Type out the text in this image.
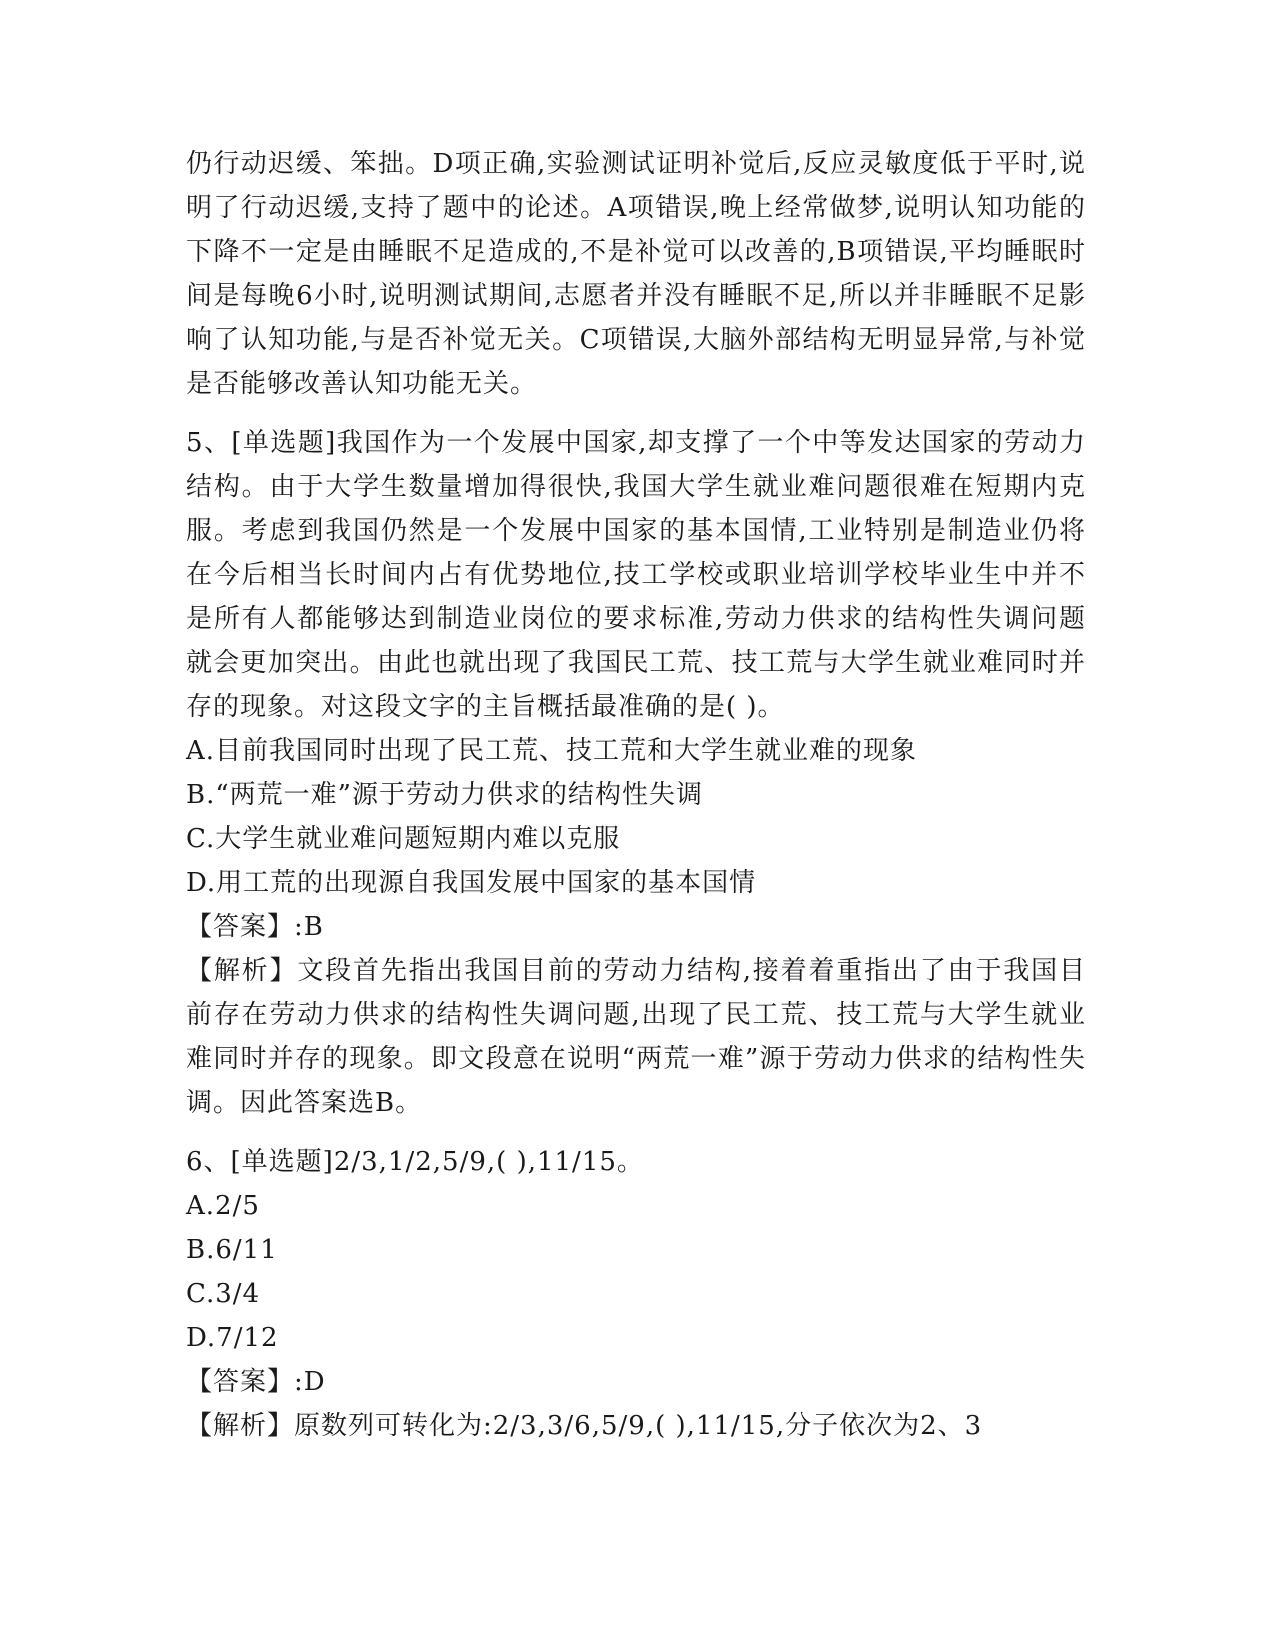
仍行动迟缓、笨拙。D项正确,实验测试证明补觉后,反应灵敏度低于平时,说明了行动迟缓,支持了题中的论述。A项错误,晚上经常做梦,说明认知功能的下降不一定是由睡眠不足造成的,不是补觉可以改善的,B项错误,平均睡眠时间是每晚6小时,说明测试期间,志愿者并没有睡眠不足,所以并非睡眠不足影响了认知功能,与是否补觉无关。C项错误,大脑外部结构无明显异常,与补觉是否能够改善认知功能无关。

5、[单选题]我国作为一个发展中国家,却支撑了一个中等发达国家的劳动力结构。由于大学生数量增加得很快,我国大学生就业难问题很难在短期内克服。考虑到我国仍然是一个发展中国家的基本国情,工业特别是制造业仍将在今后相当长时间内占有优势地位,技工学校或职业培训学校毕业生中并不是所有人都能够达到制造业岗位的要求标准,劳动力供求的结构性失调问题就会更加突出。由此也就出现了我国民工荒、技工荒与大学生就业难同时并存的现象。对这段文字的主旨概括最准确的是( )。

A.目前我国同时出现了民工荒、技工荒和大学生就业难的现象

B.“两荒一难”源于劳动力供求的结构性失调

C.大学生就业难问题短期内难以克服

D.用工荒的出现源自我国发展中国家的基本国情

【答案】:B

【解析】文段首先指出我国目前的劳动力结构,接着着重指出了由于我国目前存在劳动力供求的结构性失调问题,出现了民工荒、技工荒与大学生就业难同时并存的现象。即文段意在说明“两荒一难”源于劳动力供求的结构性失调。因此答案选B。

6、[单选题]2/3,1/2,5/9,( ),11/15。

A.2/5

B.6/11

C.3/4

D.7/12

【答案】:D

【解析】原数列可转化为:2/3,3/6,5/9,( ),11/15,分子依次为2、3
